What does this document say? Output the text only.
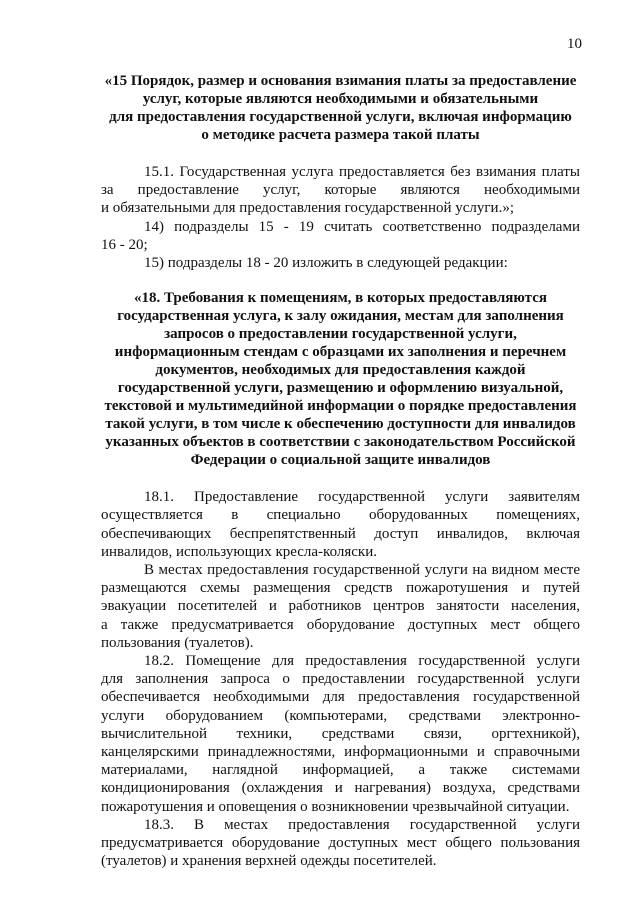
10
«15 Порядок, размер и основания взимания платы за предоставление
услуг, которые являются необходимыми и обязательными
для предоставления государственной услуги, включая информацию
о методике расчета размера такой платы
15.1. Государственная услуга предоставляется без взимания платы
за предоставление услуг, которые являются необходимыми
и обязательными для предоставления государственной услуги.»;
14) подразделы 15 - 19 считать соответственно подразделами
16 - 20;
15) подразделы 18 - 20 изложить в следующей редакции:
«18. Требования к помещениям, в которых предоставляются
государственная услуга, к залу ожидания, местам для заполнения
запросов о предоставлении государственной услуги,
информационным стендам с образцами их заполнения и перечнем
документов, необходимых для предоставления каждой
государственной услуги, размещению и оформлению визуальной,
текстовой и мультимедийной информации о порядке предоставления
такой услуги, в том числе к обеспечению доступности для инвалидов
указанных объектов в соответствии с законодательством Российской
Федерации о социальной защите инвалидов
18.1. Предоставление государственной услуги заявителям
осуществляется в специально оборудованных помещениях,
обеспечивающих беспрепятственный доступ инвалидов, включая
инвалидов, использующих кресла-коляски.
В местах предоставления государственной услуги на видном месте
размещаются схемы размещения средств пожаротушения и путей
эвакуации посетителей и работников центров занятости населения,
а также предусматривается оборудование доступных мест общего
пользования (туалетов).
18.2. Помещение для предоставления государственной услуги
для заполнения запроса о предоставлении государственной услуги
обеспечивается необходимыми для предоставления государственной
услуги оборудованием (компьютерами, средствами электронно-
вычислительной техники, средствами связи, оргтехникой),
канцелярскими принадлежностями, информационными и справочными
материалами, наглядной информацией, а также системами
кондиционирования (охлаждения и нагревания) воздуха, средствами
пожаротушения и оповещения о возникновении чрезвычайной ситуации.
18.3. В местах предоставления государственной услуги
предусматривается оборудование доступных мест общего пользования
(туалетов) и хранения верхней одежды посетителей.
